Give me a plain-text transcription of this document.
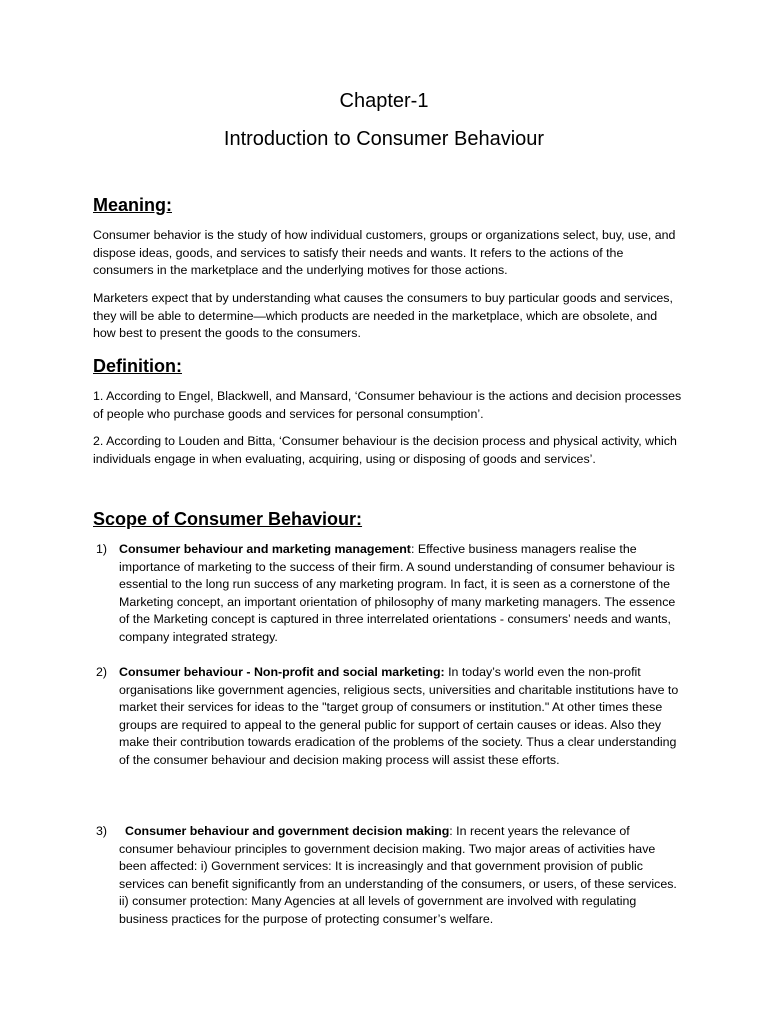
Chapter-1
Introduction to Consumer Behaviour
Meaning:

Consumer behavior is the study of how individual customers, groups or organizations select, buy, use, and dispose ideas, goods, and services to satisfy their needs and wants. It refers to the actions of the consumers in the marketplace and the underlying motives for those actions.

Marketers expect that by understanding what causes the consumers to buy particular goods and services, they will be able to determine—which products are needed in the marketplace, which are obsolete, and how best to present the goods to the consumers.

Definition:

1. According to Engel, Blackwell, and Mansard, ‘Consumer behaviour is the actions and decision processes of people who purchase goods and services for personal consumption’.

2. According to Louden and Bitta, ‘Consumer behaviour is the decision process and physical activity, which individuals engage in when evaluating, acquiring, using or disposing of goods and services’.

Scope of Consumer Behaviour:
1) Consumer behaviour and marketing management: Effective business managers realise the importance of marketing to the success of their firm. A sound understanding of consumer behaviour is essential to the long run success of any marketing program. In fact, it is seen as a cornerstone of the Marketing concept, an important orientation of philosophy of many marketing managers. The essence of the Marketing concept is captured in three interrelated orientations - consumers’ needs and wants, company integrated strategy.
2) Consumer behaviour - Non-profit and social marketing: In today’s world even the non-profit organisations like government agencies, religious sects, universities and charitable institutions have to market their services for ideas to the "target group of consumers or institution." At other times these groups are required to appeal to the general public for support of certain causes or ideas. Also they make their contribution towards eradication of the problems of the society. Thus a clear understanding of the consumer behaviour and decision making process will assist these efforts.
3)	Consumer behaviour and government decision making: In recent years the relevance of consumer behaviour principles to government decision making. Two major areas of activities have been affected: i) Government services: It is increasingly and that government provision of public services can benefit significantly from an understanding of the consumers, or users, of these services. ii) consumer protection: Many Agencies at all levels of government are involved with regulating business practices for the purpose of protecting consumer’s welfare.
